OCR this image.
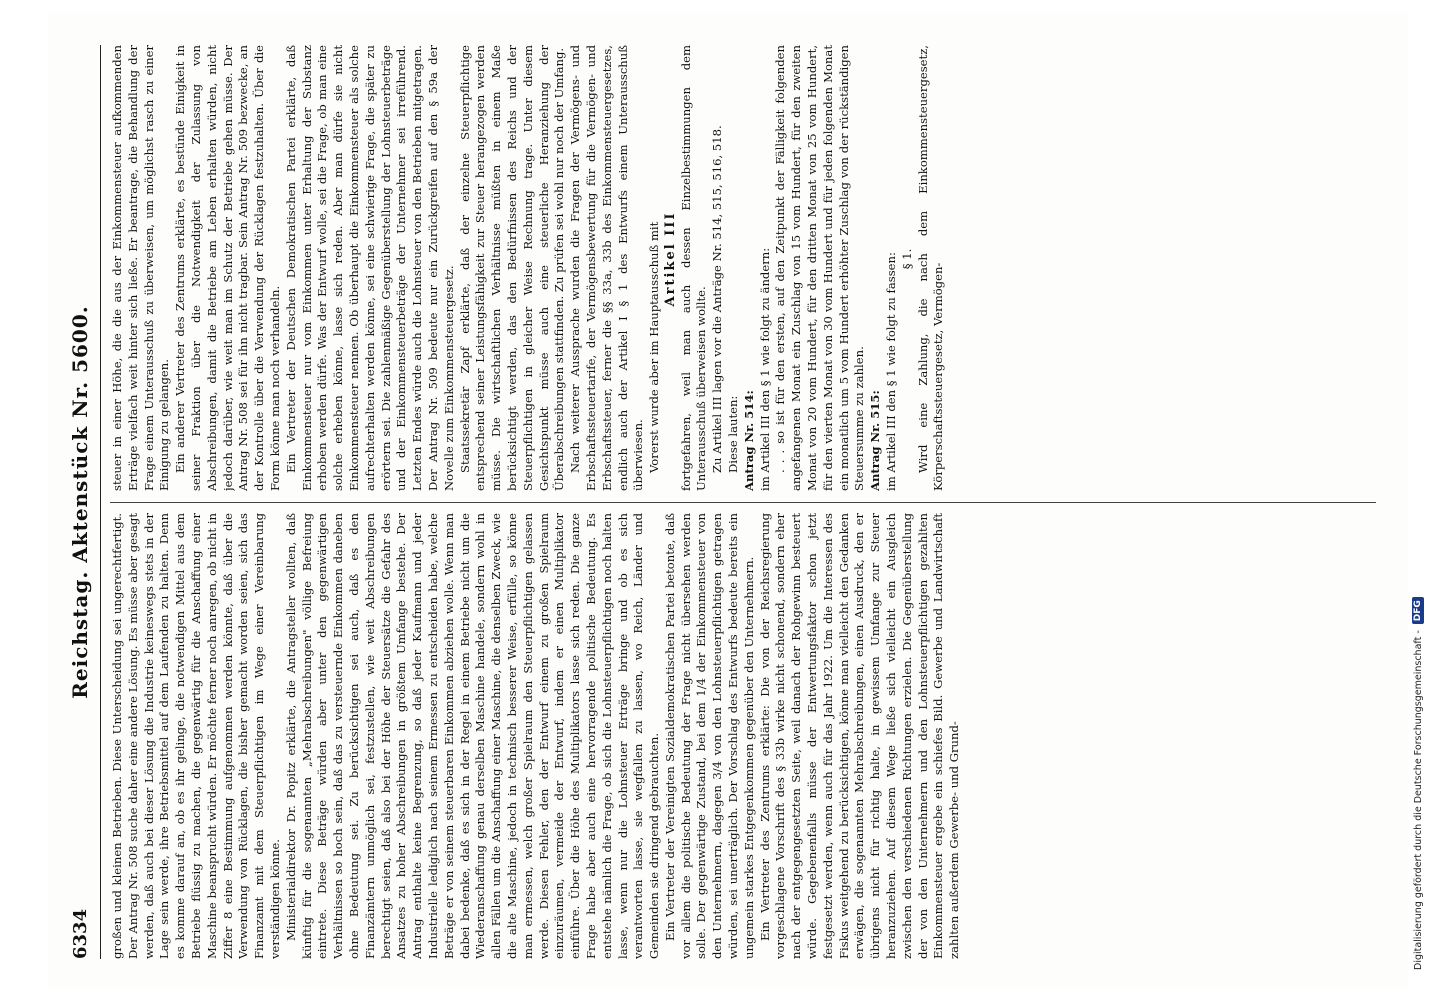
6334
Reichstag. Aktenstück Nr. 5600.

großen und kleinen Betrieben. Diese Unterscheidung sei ungerechtfertigt. Der Antrag Nr. 508 suche daher eine andere Lösung. Es müsse aber gesagt werden, daß auch bei dieser Lösung die Industrie keineswegs stets in der Lage sein werde, ihre Betriebsmittel auf dem Laufenden zu halten. Denn es komme darauf an, ob es ihr gelinge, die notwendigen Mittel aus dem Betriebe flüssig zu machen, die gegenwärtig für die Anschaffung einer Maschine beansprucht würden. Er möchte ferner noch anregen, ob nicht in Ziffer 8 eine Bestimmung aufgenommen werden könnte, daß über die Verwendung von Rücklagen, die bisher gemacht worden seien, sich das Finanzamt mit dem Steuerpflichtigen im Wege einer Vereinbarung verständigen könne. Ministerialdirektor Dr. Popitz erklärte, die Antragsteller wollten, daß künftig für die sogenannten „Mehrabschreibungen" völlige Befreiung eintrete. Diese Beträge würden aber unter den gegenwärtigen Verhältnissen so hoch sein, daß das zu versteuernde Einkommen daneben ohne Bedeutung sei. Zu berücksichtigen sei auch, daß es den Finanzämtern unmöglich sei, festzustellen, wie weit Abschreibungen berechtigt seien, daß also bei der Höhe der Steuersätze die Gefahr des Ansatzes zu hoher Abschreibungen in größtem Umfange bestehe. Der Antrag enthalte keine Begrenzung, so daß jeder Kaufmann und jeder Industrielle lediglich nach seinem Ermessen zu entscheiden habe, welche Beträge er von seinem steuerbaren Einkommen abziehen wolle. Wenn man dabei bedenke, daß es sich in der Regel in einem Betriebe nicht um die Wiederanschaffung genau derselben Maschine handele, sondern wohl in allen Fällen um die Anschaffung einer Maschine, die denselben Zweck, wie die alte Maschine, jedoch in technisch besserer Weise, erfülle, so könne man ermessen, welch großer Spielraum den Steuerpflichtigen gelassen werde. Diesen Fehler, den der Entwurf einem zu großen Spielraum einzuräumen, vermeide der Entwurf, indem er einen Multiplikator einführe. Über die Höhe des Multiplikators lasse sich reden. Die ganze Frage habe aber auch eine hervorragende politische Bedeutung. Es entstehe nämlich die Frage, ob sich die Lohnsteuerpflichtigen noch halten lasse, wenn nur die Lohnsteuer Erträge bringe und ob es sich verantworten lasse, sie wegfallen zu lassen, wo Reich, Länder und Gemeinden sie dringend gebrauchten. Ein Vertreter der Vereinigten Sozialdemokratischen Partei betonte, daß vor allem die politische Bedeutung der Frage nicht übersehen werden solle. Der gegenwärtige Zustand, bei dem 1/4 der Einkommensteuer von den Unternehmern, dagegen 3/4 von den Lohnsteuerpflichtigen getragen würden, sei unerträglich. Der Vorschlag des Entwurfs bedeute bereits ein ungemein starkes Entgegenkommen gegenüber den Unternehmern. Ein Vertreter des Zentrums erklärte: Die von der Reichsregierung vorgeschlagene Vorschrift des § 33b wirke nicht schonend, sondern eher nach der entgegengesetzten Seite, weil danach der Rohgewinn besteuert würde. Gegebenenfalls müsse der Entwertungsfaktor schon jetzt festgesetzt werden, wenn auch für das Jahr 1922. Um die Interessen des Fiskus weitgehend zu berücksichtigen, könne man vielleicht den Gedanken erwägen, die sogenannten Mehrabschreibungen, einen Ausdruck, den er übrigens nicht für richtig halte, in gewissem Umfange zur Steuer heranzuziehen. Auf diesem Wege ließe sich vielleicht ein Ausgleich zwischen den verschiedenen Richtungen erzielen. Die Gegenüberstellung der von den Unternehmern und den Lohnsteuerpflichtigen gezahlten Einkommensteuer ergebe ein schiefes Bild. Gewerbe und Landwirtschaft zahlten außerdem Gewerbe- und Grund-

steuer in einer Höhe, die die aus der Einkommensteuer aufkommenden Erträge vielfach weit hinter sich ließe. Er beantrage, die Behandlung der Frage einem Unterausschuß zu überweisen, um möglichst rasch zu einer Einigung zu gelangen. Ein anderer Vertreter des Zentrums erklärte, es bestünde Einigkeit in seiner Fraktion über die Notwendigkeit der Zulassung von Abschreibungen, damit die Betriebe am Leben erhalten würden, nicht jedoch darüber, wie weit man im Schutz der Betriebe gehen müsse. Der Antrag Nr. 508 sei für ihn nicht tragbar. Sein Antrag Nr. 509 bezwecke, an der Kontrolle über die Verwendung der Rücklagen festzuhalten. Über die Form könne man noch verhandeln. Ein Vertreter der Deutschen Demokratischen Partei erklärte, daß Einkommensteuer nur vom Einkommen unter Erhaltung der Substanz erhoben werden dürfe. Was der Entwurf wolle, sei die Frage, ob man eine solche erheben könne, lasse sich reden. Aber man dürfe sie nicht Einkommensteuer nennen. Ob überhaupt die Einkommensteuer als solche aufrechterhalten werden könne, sei eine schwierige Frage, die später zu erörtern sei. Die zahlenmäßige Gegenüberstellung der Lohnsteuerbeträge und der Einkommensteuerbeträge der Unternehmer sei irreführend. Letzten Endes würde auch die Lohnsteuer von den Betrieben mitgetragen. Der Antrag Nr. 509 bedeute nur ein Zurückgreifen auf den § 59a der Novelle zum Einkommensteuergesetz. Staatssekretär Zapf erklärte, daß der einzelne Steuerpflichtige entsprechend seiner Leistungsfähigkeit zur Steuer herangezogen werden müsse. Die wirtschaftlichen Verhältnisse müßten in einem Maße berücksichtigt werden, das den Bedürfnissen des Reichs und der Steuerpflichtigen in gleicher Weise Rechnung trage. Unter diesem Gesichtspunkt müsse auch eine steuerliche Heranziehung der Überabschreibungen stattfinden. Zu prüfen sei wohl nur noch der Umfang. Nach weiterer Aussprache wurden die Fragen der Vermögens- und Erbschaftssteuertarife, der Vermögensbewertung für die Vermögen- und Erbschaftssteuer, ferner die §§ 33a, 33b des Einkommensteuergesetzes, endlich auch der Artikel I § 1 des Entwurfs einem Unterausschuß überwiesen. Vorerst wurde aber im Hauptausschuß mit Artikel III fortgefahren, weil man auch dessen Einzelbestimmungen dem Unterausschuß überweisen wollte. Zu Artikel III lagen vor die Anträge Nr. 514, 515, 516, 518. Diese lauten: Antrag Nr. 514: im Artikel III den § 1 wie folgt zu ändern: . . . so ist für den ersten, auf den Zeitpunkt der Fälligkeit folgenden angefangenen Monat ein Zuschlag von 15 vom Hundert, für den zweiten Monat von 20 vom Hundert, für den dritten Monat von 25 vom Hundert, für den vierten Monat von 30 vom Hundert und für jeden folgenden Monat ein monatlich um 5 vom Hundert erhöhter Zuschlag von der rückständigen Steuersumme zu zahlen. Antrag Nr. 515: im Artikel III den § 1 wie folgt zu fassen: § 1. Wird eine Zahlung, die nach dem Einkommensteuergesetz, Körperschaftssteuergesetz, Vermögen-

Digitalisierung gefördert durch die Deutsche Forschungsgemeinschaft -
DFG
